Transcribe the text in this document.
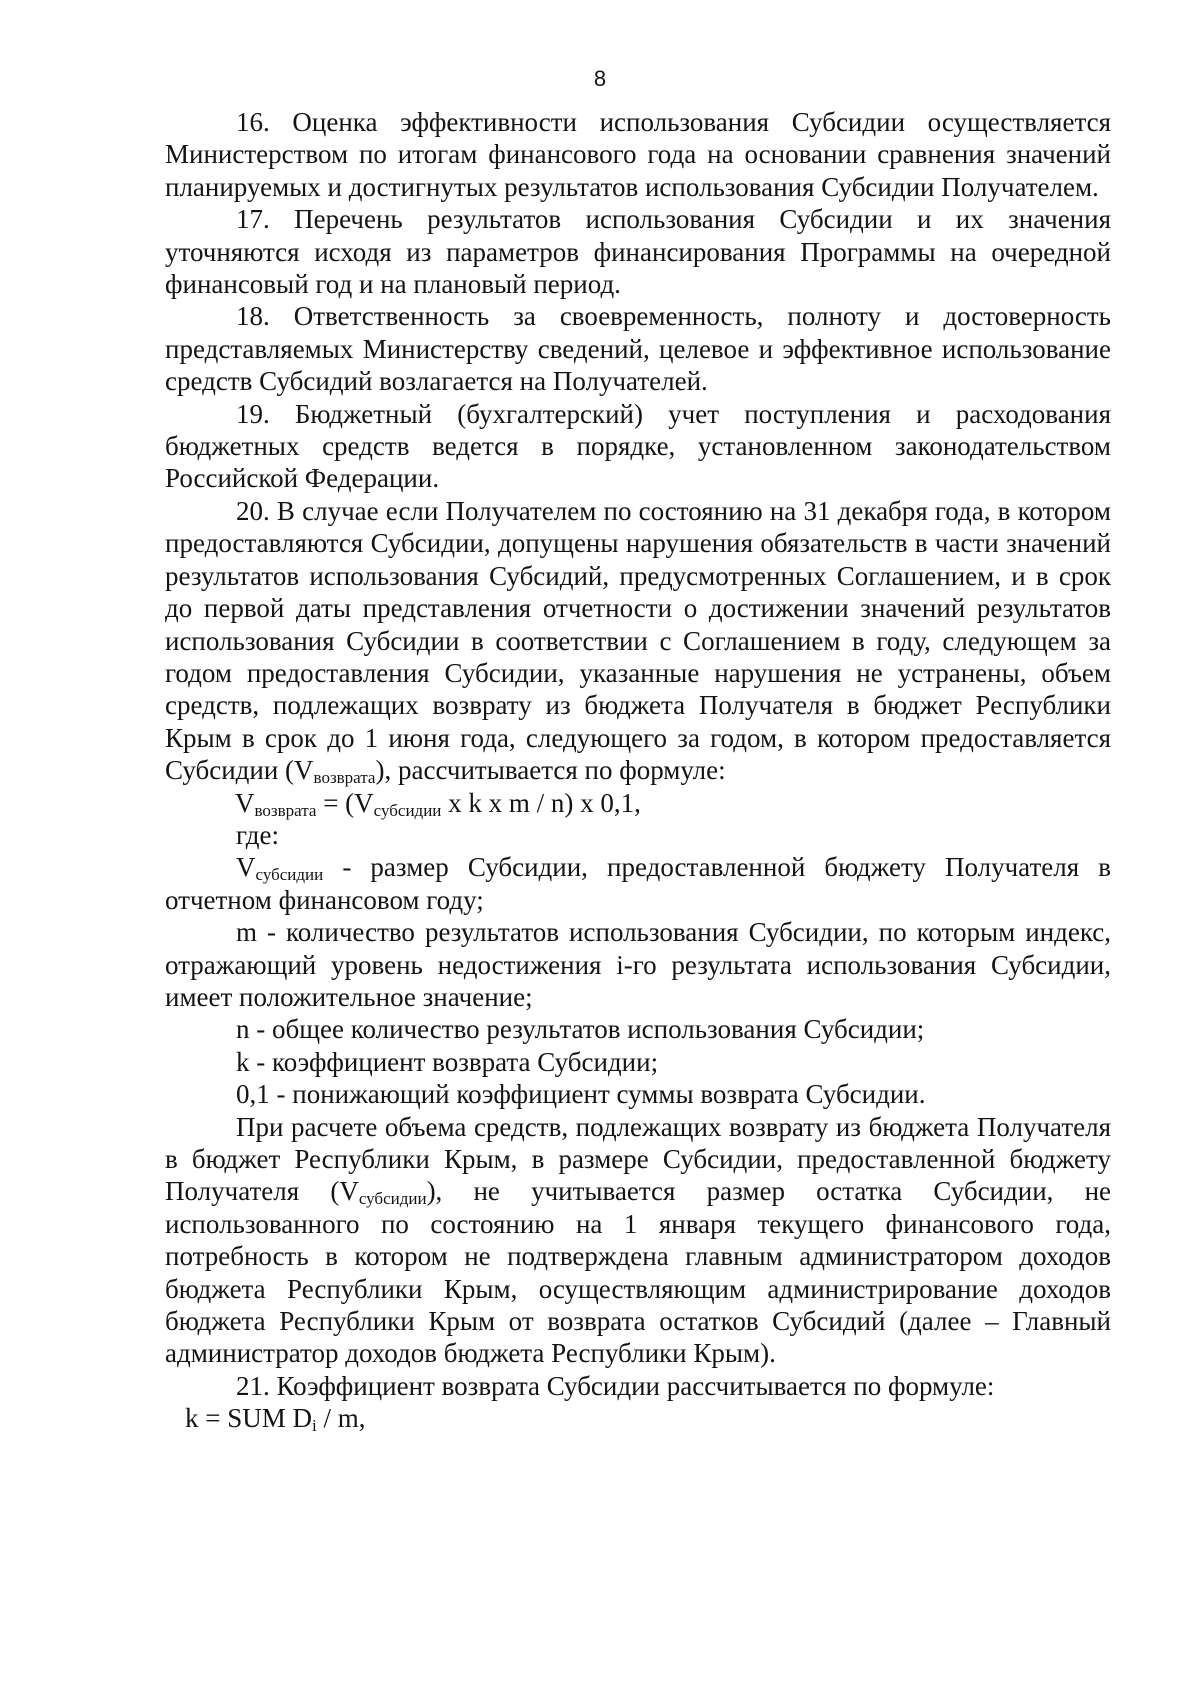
8

16. Оценка эффективности использования Субсидии осуществляется Министерством по итогам финансового года на основании сравнения значений планируемых и достигнутых результатов использования Субсидии Получателем.

17. Перечень результатов использования Субсидии и их значения уточняются исходя из параметров финансирования Программы на очередной финансовый год и на плановый период.

18. Ответственность за своевременность, полноту и достоверность представляемых Министерству сведений, целевое и эффективное использование средств Субсидий возлагается на Получателей.

19. Бюджетный (бухгалтерский) учет поступления и расходования бюджетных средств ведется в порядке, установленном законодательством Российской Федерации.

20. В случае если Получателем по состоянию на 31 декабря года, в котором предоставляются Субсидии, допущены нарушения обязательств в части значений результатов использования Субсидий, предусмотренных Соглашением, и в срок до первой даты представления отчетности о достижении значений результатов использования Субсидии в соответствии с Соглашением в году, следующем за годом предоставления Субсидии, указанные нарушения не устранены, объем средств, подлежащих возврату из бюджета Получателя в бюджет Республики Крым в срок до 1 июня года, следующего за годом, в котором предоставляется Субсидии $(V_{возврата})$, рассчитывается по формуле:

$V_{возврата} = (V_{субсидии}$ x k x m / n) x 0,1,

где:

$V_{субсидии}$ - размер Субсидии, предоставленной бюджету Получателя в отчетном финансовом году;

m - количество результатов использования Субсидии, по которым индекс, отражающий уровень недостижения i-го результата использования Субсидии, имеет положительное значение;

n - общее количество результатов использования Субсидии;

k - коэффициент возврата Субсидии;

0,1 - понижающий коэффициент суммы возврата Субсидии.

При расчете объема средств, подлежащих возврату из бюджета Получателя в бюджет Республики Крым, в размере Субсидии, предоставленной бюджету Получателя $(V_{субсидии})$, не учитывается размер остатка Субсидии, не использованного по состоянию на 1 января текущего финансового года, потребность в котором не подтверждена главным администратором доходов бюджета Республики Крым, осуществляющим администрирование доходов бюджета Республики Крым от возврата остатков Субсидий (далее – Главный администратор доходов бюджета Республики Крым).

21. Коэффициент возврата Субсидии рассчитывается по формуле:

k = SUM $D_i$ / m,
